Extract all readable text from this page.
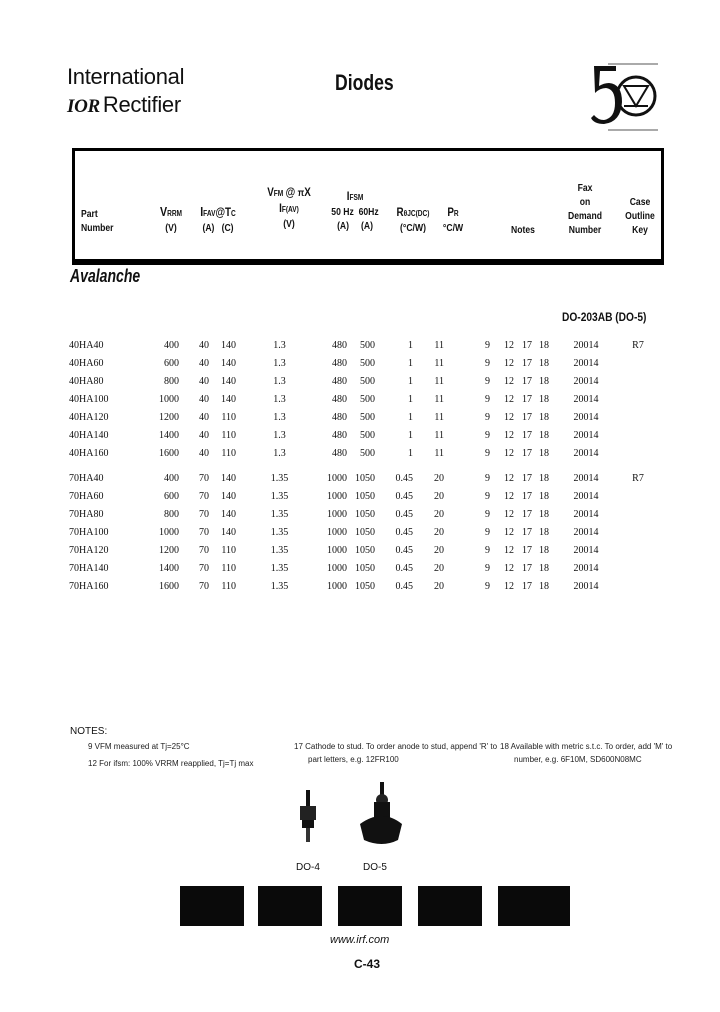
International
IOR Rectifier
Diodes
Part
Number
VRRM
(V)
IFAV@TC
(A) (C)
VFM @ πX
IF(AV)
(V)
IFSM
50 Hz 60Hz
(A) (A)
RθJC(DC)
(°C/W)
PR
°C/W	Notes
Fax
on
Demand
Number
Case
Outline
Key
Avalanche
DO-203AB (DO-5)
40HA40	400	40	140	1.3	480	500	1	11	9	12 17 18	20014	R7
40HA60	600	40	140	1.3	480	500	1	11	9	12 17 18	20014
40HA80	800	40	140	1.3	480	500	1	11	9	12 17 18	20014
40HA100	1000	40	140	1.3	480	500	1	11	9	12 17 18	20014
40HA120	1200	40	110	1.3	480	500	1	11	9	12 17 18	20014
40HA140	1400	40	110	1.3	480	500	1	11	9	12 17 18	20014
40HA160	1600	40	110	1.3	480	500	1	11	9	12 17 18	20014
70HA40	400	70	140	1.35	1000 1050	0.45	20	9	12 17 18	20014	R7
70HA60	600	70	140	1.35	1000 1050	0.45	20	9	12 17 18	20014
70HA80	800	70	140	1.35	1000 1050	0.45	20	9	12 17 18	20014
70HA100	1000	70	140	1.35	1000 1050	0.45	20	9	12 17 18	20014
70HA120	1200	70	110	1.35	1000 1050	0.45	20	9	12 17 18	20014
70HA140	1400	70	110	1.35	1000 1050	0.45	20	9	12 17 18	20014
70HA160	1600	70	110	1.35	1000 1050	0.45	20	9	12 17 18	20014
NOTES:
9 VFM measured at Tj=25°C
12 For ifsm: 100% VRRM reapplied, Tj=Tj max
17 Cathode to stud. To order anode to stud, append 'R' to
part letters, e.g. 12FR100
18 Available with metric s.t.c. To order, add 'M' to
number, e.g. 6F10M, SD600N08MC
DO-4	DO-5
www.irf.com
C-43
